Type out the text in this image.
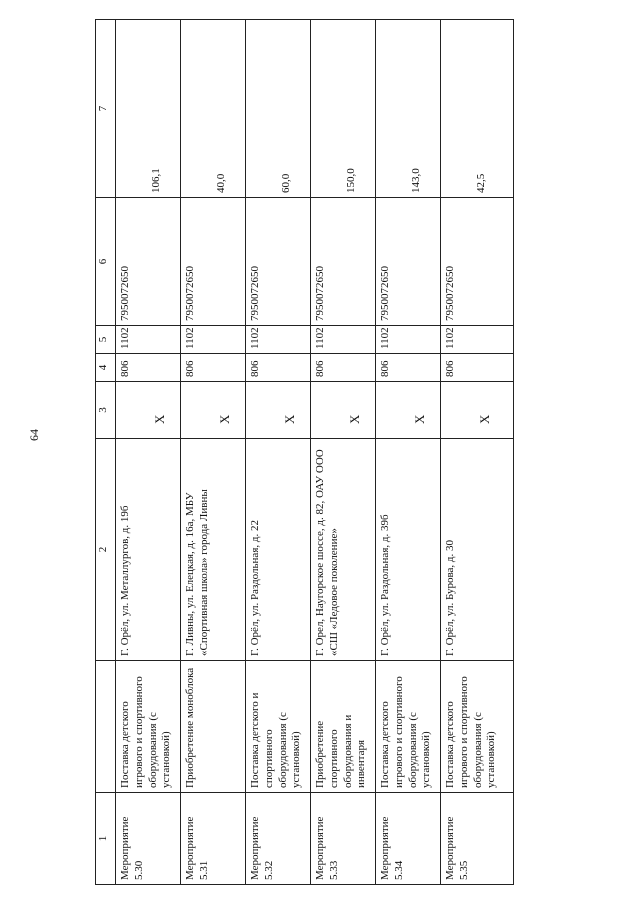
64
1		2	3	4	5	6	7
Мероприятие 5.30	Поставка детского игрового и спортивного оборудования (с установкой)	Г. Орёл, ул. Металлургов, д. 19б	X	806	1102	7950072650	106,1
Мероприятие 5.31	Приобретение моноблока	Г. Ливны, ул. Елецкая, д. 16а, МБУ «Спортивная школа» города Ливны	X	806	1102	7950072650	40,0
Мероприятие 5.32	Поставка детского и спортивного оборудования (с установкой)	Г. Орёл, ул. Раздольная, д. 22	X	806	1102	7950072650	60,0
Мероприятие 5.33	Приобретение спортивного оборудования и инвентаря	Г. Орел, Наугорское шоссе, д. 82, ОАУ ООО «СШ «Ледовое поколение»	X	806	1102	7950072650	150,0
Мероприятие 5.34	Поставка детского игрового и спортивного оборудования (с установкой)	Г. Орёл, ул. Раздольная, д. 39б	X	806	1102	7950072650	143,0
Мероприятие 5.35	Поставка детского игрового и спортивного оборудования (с установкой)	Г. Орёл, ул. Бурова, д. 30	X	806	1102	7950072650	42,5
